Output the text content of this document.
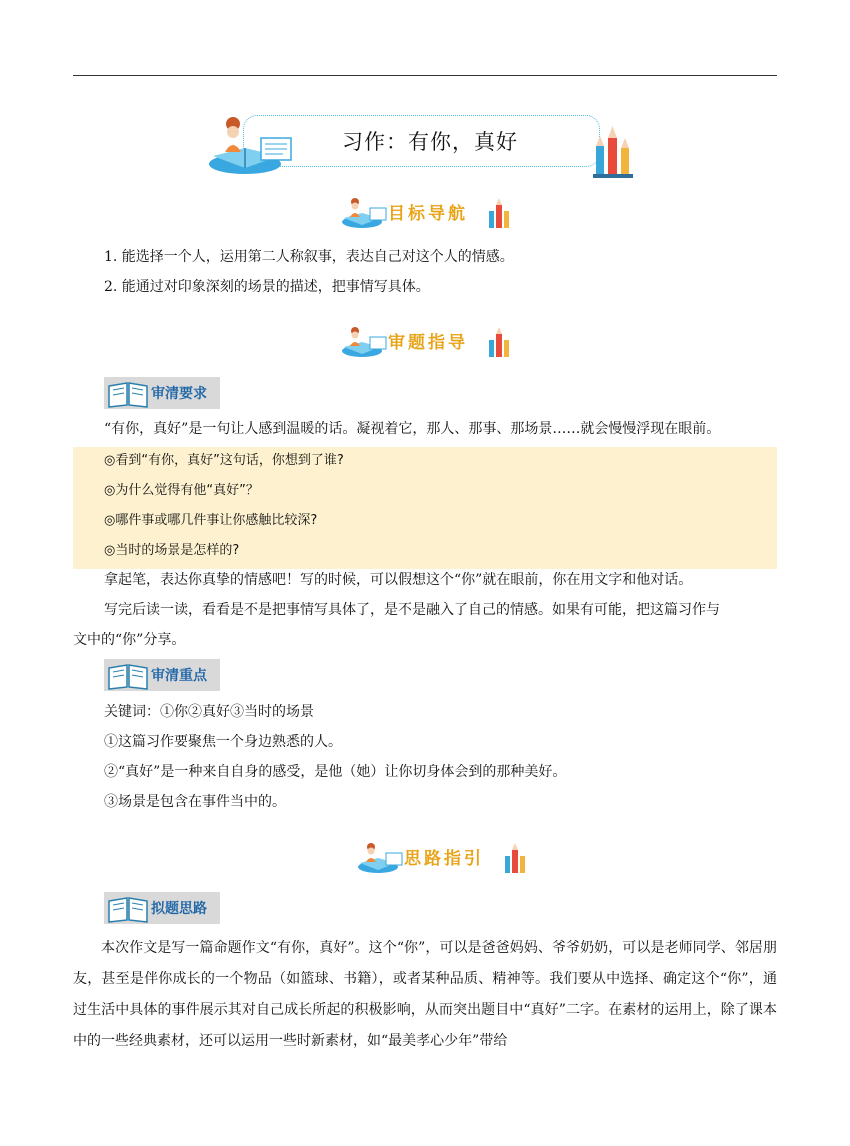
习作：有你，真好
目标导航
1. 能选择一个人，运用第二人称叙事，表达自己对这个人的情感。
2. 能通过对印象深刻的场景的描述，把事情写具体。
审题指导
审清要求
“有你，真好”是一句让人感到温暖的话。凝视着它，那人、那事、那场景……就会慢慢浮现在眼前。
◎看到“有你，真好”这句话，你想到了谁?
◎为什么觉得有他“真好”？
◎哪件事或哪几件事让你感触比较深?
◎当时的场景是怎样的?
拿起笔，表达你真挚的情感吧！写的时候，可以假想这个“你”就在眼前，你在用文字和他对话。
写完后读一读，看看是不是把事情写具体了，是不是融入了自己的情感。如果有可能，把这篇习作与
文中的“你”分享。
审清重点
关键词：①你②真好③当时的场景
①这篇习作要聚焦一个身边熟悉的人。
②“真好”是一种来自自身的感受，是他（她）让你切身体会到的那种美好。
③场景是包含在事件当中的。
思路指引
拟题思路
本次作文是写一篇命题作文“有你，真好”。这个“你”，可以是爸爸妈妈、爷爷奶奶，可以是老师同学、邻居朋友，甚至是伴你成长的一个物品（如篮球、书籍），或者某种品质、精神等。我们要从中选择、确定这个“你”，通过生活中具体的事件展示其对自己成长所起的积极影响，从而突出题目中“真好”二字。在素材的运用上，除了课本中的一些经典素材，还可以运用一些时新素材，如“最美孝心少年”带给
